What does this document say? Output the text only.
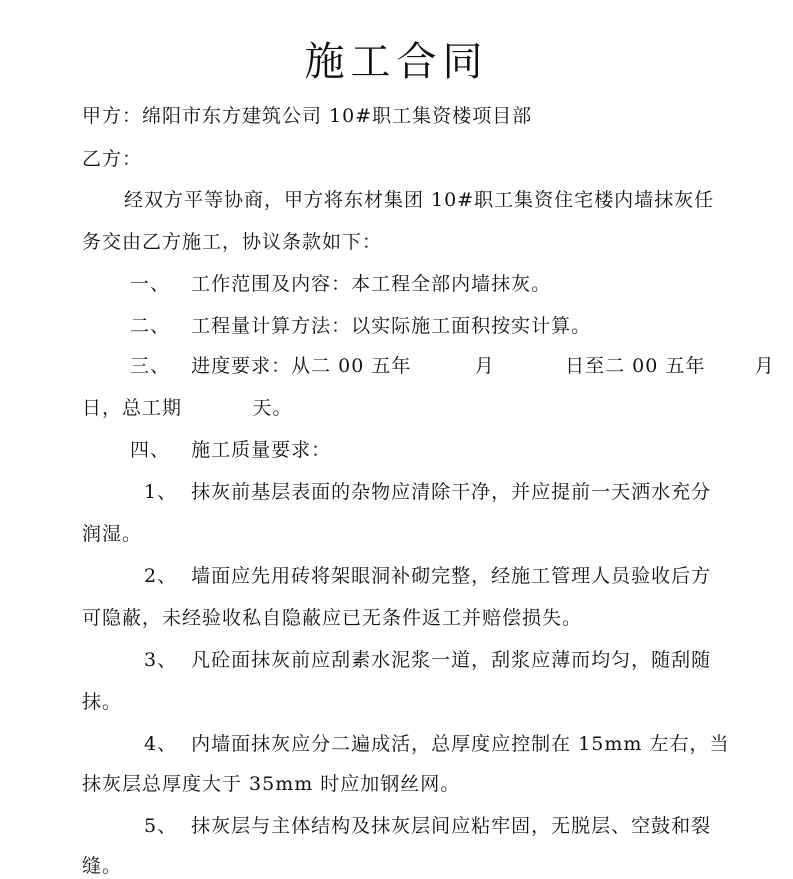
施工合同
甲方：绵阳市东方建筑公司 10#职工集资楼项目部
乙方：
经双方平等协商，甲方将东材集团 10#职工集资住宅楼内墙抹灰任
务交由乙方施工，协议条款如下：
一、   工作范围及内容：本工程全部内墙抹灰。
二、   工程量计算方法：以实际施工面积按实计算。
三、   进度要求：从二 00 五年         月          日至二 00 五年       月
日，总工期          天。
四、   施工质量要求：
1、  抹灰前基层表面的杂物应清除干净，并应提前一天洒水充分
润湿。
2、  墙面应先用砖将架眼洞补砌完整，经施工管理人员验收后方
可隐蔽，未经验收私自隐蔽应已无条件返工并赔偿损失。
3、  凡砼面抹灰前应刮素水泥浆一道，刮浆应薄而均匀，随刮随
抹。
4、  内墙面抹灰应分二遍成活，总厚度应控制在 15mm 左右，当
抹灰层总厚度大于 35mm 时应加钢丝网。
5、  抹灰层与主体结构及抹灰层间应粘牢固，无脱层、空鼓和裂
缝。
